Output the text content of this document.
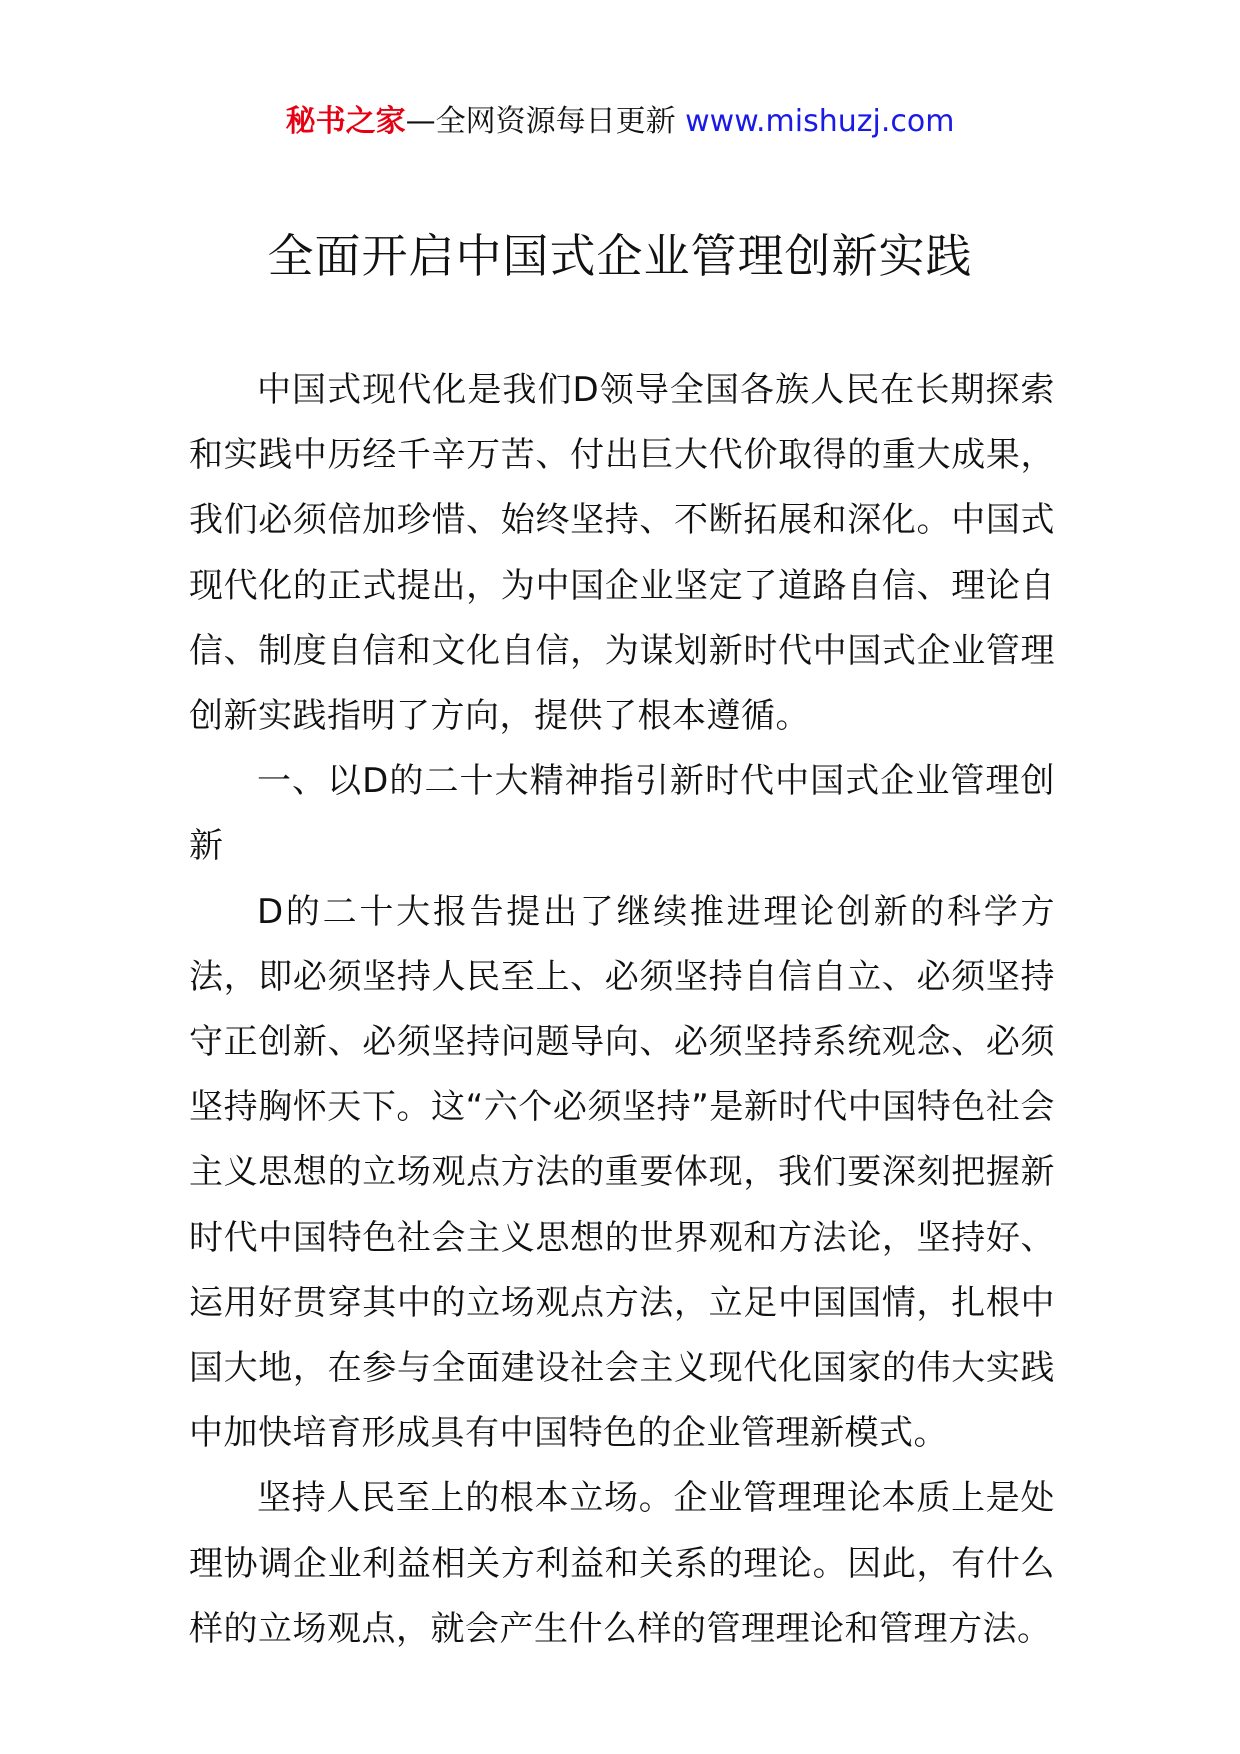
秘书之家—全网资源每日更新 www.mishuzj.com
全面开启中国式企业管理创新实践

中国式现代化是我们D领导全国各族人民在长期探索和实践中历经千辛万苦、付出巨大代价取得的重大成果，我们必须倍加珍惜、始终坚持、不断拓展和深化。中国式现代化的正式提出，为中国企业坚定了道路自信、理论自信、制度自信和文化自信，为谋划新时代中国式企业管理创新实践指明了方向，提供了根本遵循。

一、以D的二十大精神指引新时代中国式企业管理创新

D的二十大报告提出了继续推进理论创新的科学方法，即必须坚持人民至上、必须坚持自信自立、必须坚持守正创新、必须坚持问题导向、必须坚持系统观念、必须坚持胸怀天下。这“六个必须坚持”是新时代中国特色社会主义思想的立场观点方法的重要体现，我们要深刻把握新时代中国特色社会主义思想的世界观和方法论，坚持好、运用好贯穿其中的立场观点方法，立足中国国情，扎根中国大地，在参与全面建设社会主义现代化国家的伟大实践中加快培育形成具有中国特色的企业管理新模式。

坚持人民至上的根本立场。企业管理理论本质上是处理协调企业利益相关方利益和关系的理论。因此，有什么样的立场观点，就会产生什么样的管理理论和管理方法。
